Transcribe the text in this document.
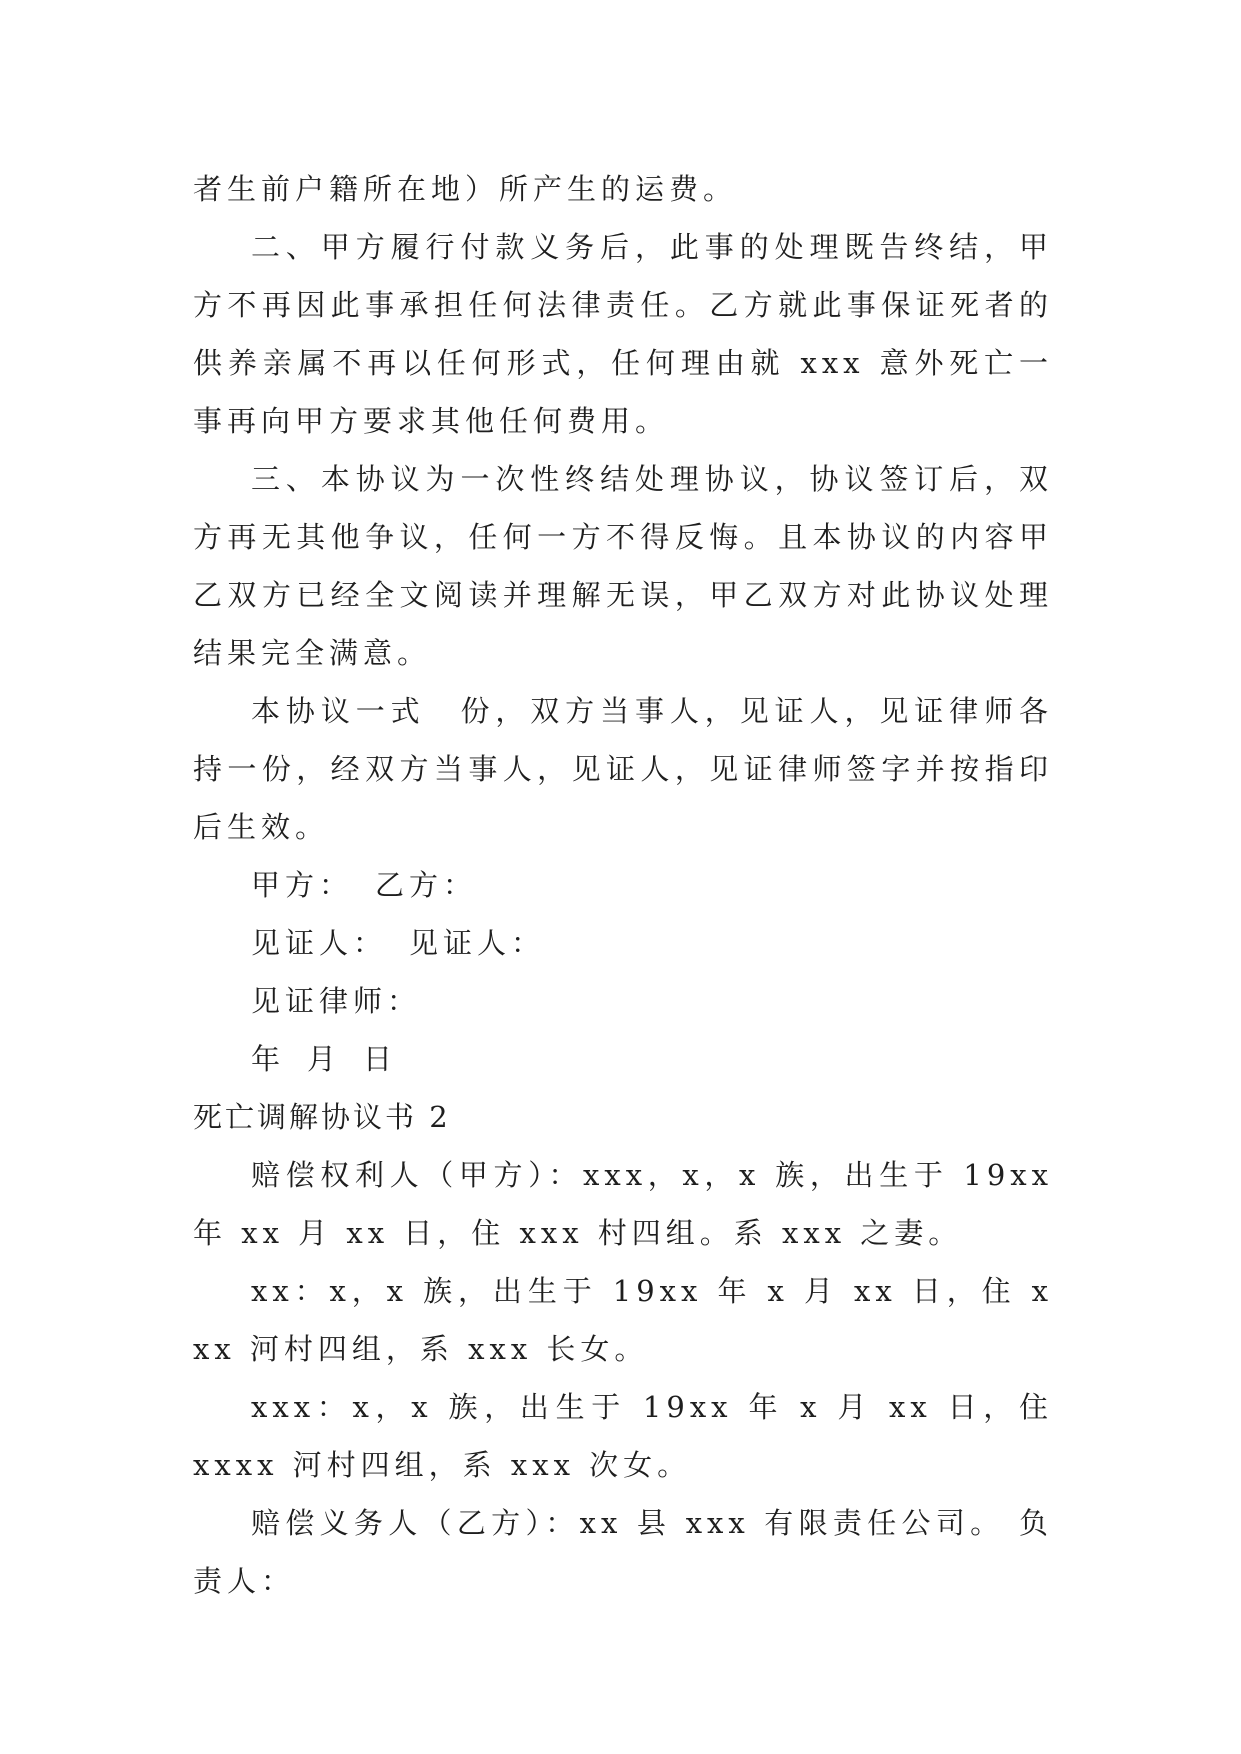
者生前户籍所在地）所产生的运费。

二、甲方履行付款义务后，此事的处理既告终结，甲方不再因此事承担任何法律责任。乙方就此事保证死者的供养亲属不再以任何形式，任何理由就 xxx 意外死亡一事再向甲方要求其他任何费用。

三、本协议为一次性终结处理协议，协议签订后，双方再无其他争议，任何一方不得反悔。且本协议的内容甲乙双方已经全文阅读并理解无误，甲乙双方对此协议处理结果完全满意。

本协议一式　份，双方当事人，见证人，见证律师各持一份，经双方当事人，见证人，见证律师签字并按指印后生效。

甲方： 乙方：

见证人： 见证人：

见证律师：

年 月 日

死亡调解协议书 2

赔偿权利人（甲方）：xxx，x，x 族，出生于 19xx 年 xx 月 xx 日，住 xxx 村四组。系 xxx 之妻。

xx：x，x 族，出生于 19xx 年 x 月 xx 日，住 xxx 河村四组，系 xxx 长女。

xxx：x，x 族，出生于 19xx 年 x 月 xx 日，住 xxxx 河村四组，系 xxx 次女。

赔偿义务人（乙方）：xx 县 xxx 有限责任公司。 负责人：
